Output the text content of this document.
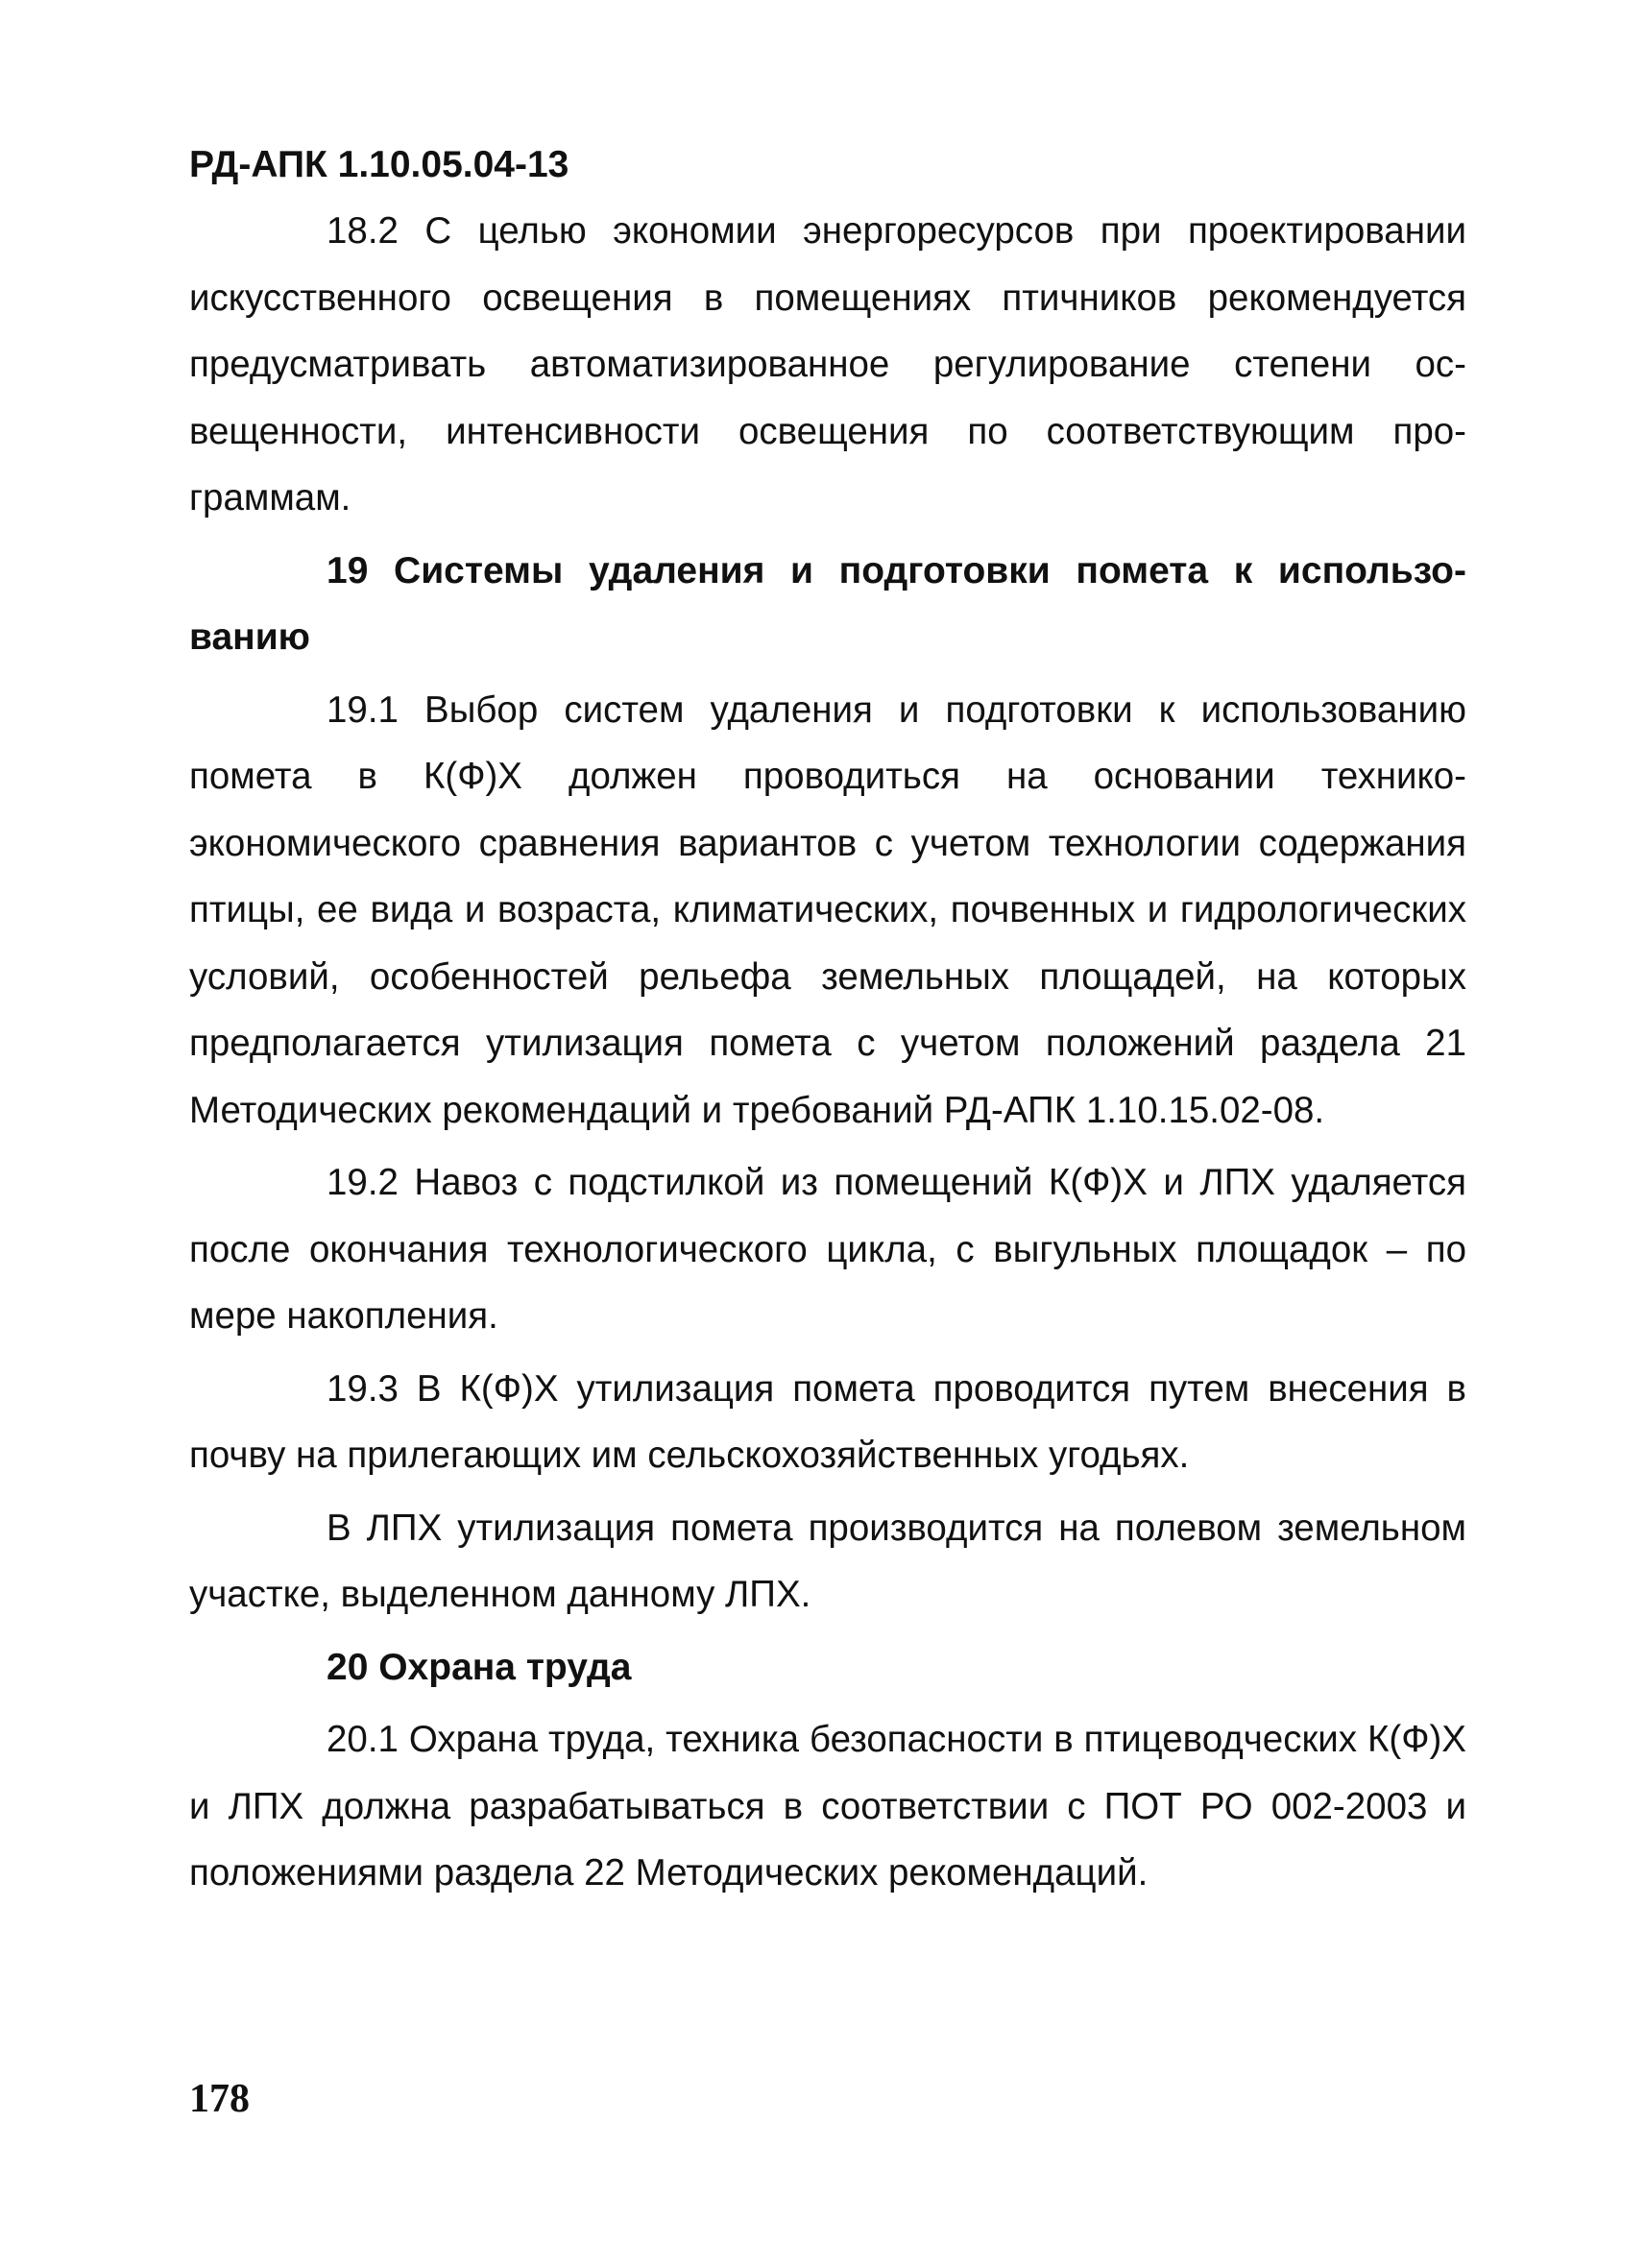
РД-АПК 1.10.05.04-13

18.2 С целью экономии энергоресурсов при проектировании искусственного освещения в помещениях птичников рекомендуется предусматривать автоматизированное регулирование степени освещенности, интенсивности освещения по соответствующим программам.

19 Системы удаления и подготовки помета к использованию

19.1 Выбор систем удаления и подготовки к использованию помета в К(Ф)Х должен проводиться на основании технико-экономического сравнения вариантов с учетом технологии содержания птицы, ее вида и возраста, климатических, почвенных и гидрологических условий, особенностей рельефа земельных площадей, на которых предполагается утилизация помета с учетом положений раздела 21 Методических рекомендаций и требований РД-АПК 1.10.15.02-08.

19.2 Навоз с подстилкой из помещений К(Ф)Х и ЛПХ удаляется после окончания технологического цикла, с выгульных площадок – по мере накопления.

19.3 В К(Ф)Х утилизация помета проводится путем внесения в почву на прилегающих им сельскохозяйственных угодьях.

В ЛПХ утилизация помета производится на полевом земельном участке, выделенном данному ЛПХ.

20 Охрана труда

20.1 Охрана труда, техника безопасности в птицеводческих К(Ф)Х и ЛПХ должна разрабатываться в соответствии с ПОТ РО 002-2003 и положениями раздела 22 Методических рекомендаций.

178
